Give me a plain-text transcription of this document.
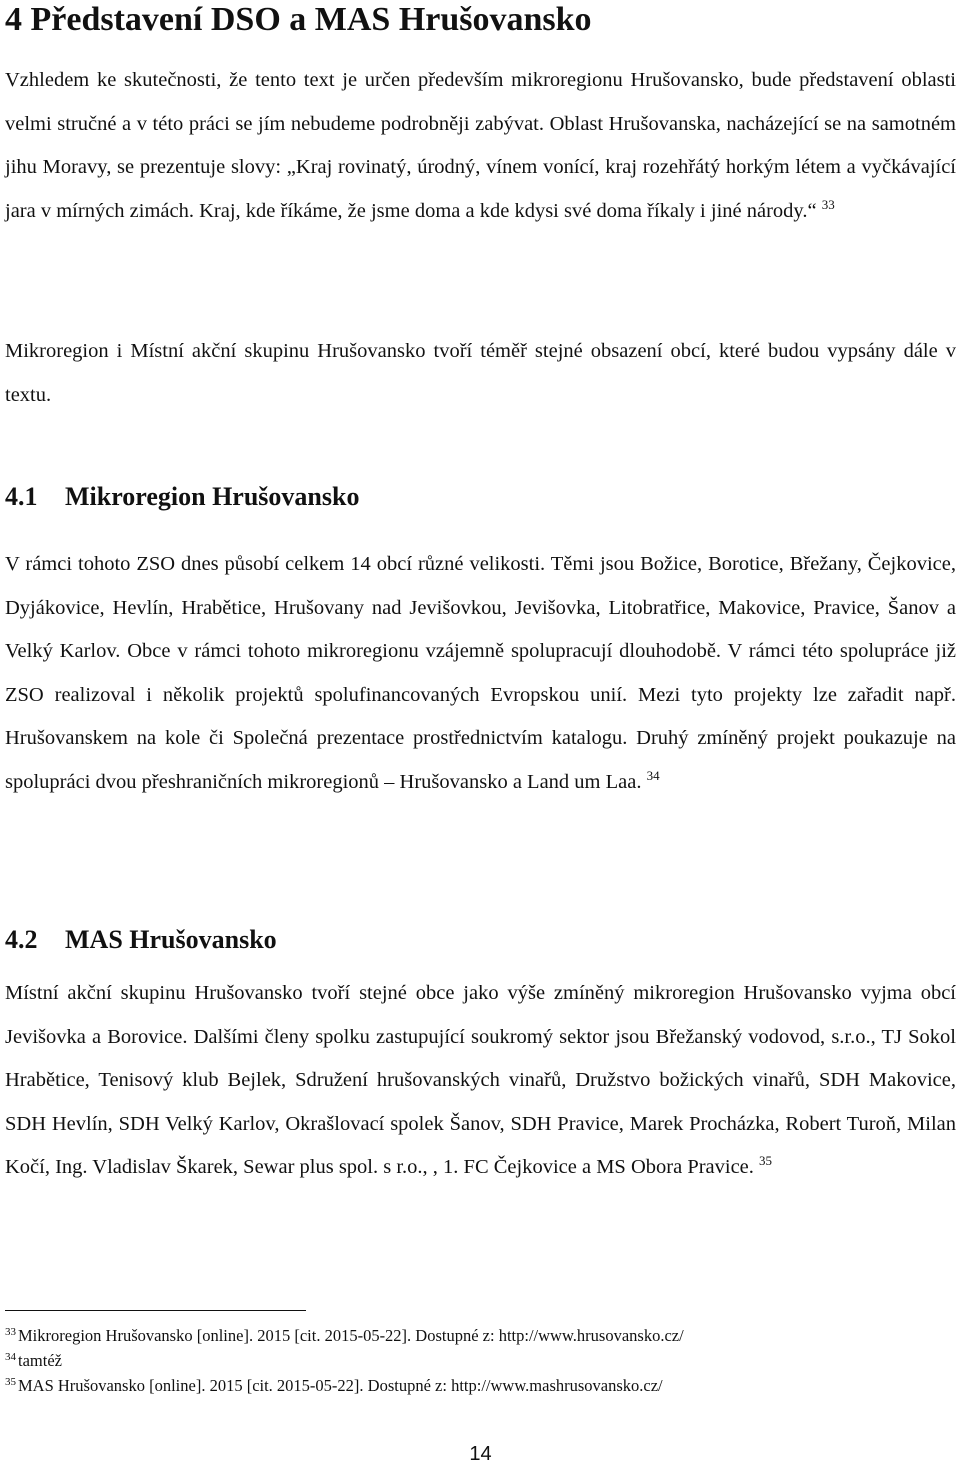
4 Představení DSO a MAS Hrušovansko

Vzhledem ke skutečnosti, že tento text je určen především mikroregionu Hrušovansko, bude představení oblasti velmi stručné a v této práci se jím nebudeme podrobněji zabývat. Oblast Hrušovanska, nacházející se na samotném jihu Moravy, se prezentuje slovy: „Kraj rovinatý, úrodný, vínem vonící, kraj rozehřátý horkým létem a vyčkávající jara v mírných zimách. Kraj, kde říkáme, že jsme doma a kde kdysi své doma říkaly i jiné národy.“ $^{33}$

Mikroregion i Místní akční skupinu Hrušovansko tvoří téměř stejné obsazení obcí, které budou vypsány dále v textu.

4.1 Mikroregion Hrušovansko

V rámci tohoto ZSO dnes působí celkem 14 obcí různé velikosti. Těmi jsou Božice, Borotice, Břežany, Čejkovice, Dyjákovice, Hevlín, Hrabětice, Hrušovany nad Jevišovkou, Jevišovka, Litobratřice, Makovice, Pravice, Šanov a Velký Karlov. Obce v rámci tohoto mikroregionu vzájemně spolupracují dlouhodobě. V rámci této spolupráce již ZSO realizoval i několik projektů spolufinancovaných Evropskou unií. Mezi tyto projekty lze zařadit např. Hrušovanskem na kole či Společná prezentace prostřednictvím katalogu. Druhý zmíněný projekt poukazuje na spolupráci dvou přeshraničních mikroregionů – Hrušovansko a Land um Laa. $^{34}$

4.2 MAS Hrušovansko

Místní akční skupinu Hrušovansko tvoří stejné obce jako výše zmíněný mikroregion Hrušovansko vyjma obcí Jevišovka a Borovice. Dalšími členy spolku zastupující soukromý sektor jsou Břežanský vodovod, s.r.o., TJ Sokol Hrabětice, Tenisový klub Bejlek, Sdružení hrušovanských vinařů, Družstvo božických vinařů, SDH Makovice, SDH Hevlín, SDH Velký Karlov, Okrašlovací spolek Šanov, SDH Pravice, Marek Procházka, Robert Turoň, Milan Kočí, Ing. Vladislav Škarek, Sewar plus spol. s r.o., , 1. FC Čejkovice a MS Obora Pravice. $^{35}$

$^{33}$ Mikroregion Hrušovansko [online]. 2015 [cit. 2015-05-22]. Dostupné z: http://www.hrusovansko.cz/
$^{34}$ tamtéž
$^{35}$ MAS Hrušovansko [online]. 2015 [cit. 2015-05-22]. Dostupné z: http://www.mashrusovansko.cz/
14
